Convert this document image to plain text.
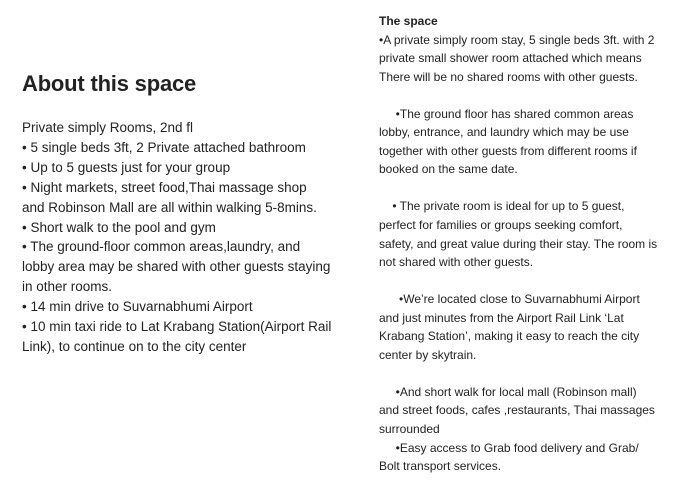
About this space
Private simply Rooms, 2nd fl
• 5 single beds 3ft, 2 Private attached bathroom
• Up to 5 guests just for your group
• Night markets, street food,Thai massage shop
and Robinson Mall are all within walking 5-8mins.
• Short walk to the pool and gym
• The ground-floor common areas,laundry, and
lobby area may be shared with other guests staying
in other rooms.
• 14 min drive to Suvarnabhumi Airport
• 10 min taxi ride to Lat Krabang Station(Airport Rail
Link), to continue on to the city center
The space
•A private simply room stay, 5 single beds 3ft. with 2
private small shower room attached which means
There will be no shared rooms with other guests.
•The ground floor has shared common areas
lobby, entrance, and laundry which may be use
together with other guests from different rooms if
booked on the same date.
• The private room is ideal for up to 5 guest,
perfect for families or groups seeking comfort,
safety, and great value during their stay. The room is
not shared with other guests.
•We’re located close to Suvarnabhumi Airport
and just minutes from the Airport Rail Link ‘Lat
Krabang Station’, making it easy to reach the city
center by skytrain.
•And short walk for local mall (Robinson mall)
and street foods, cafes ,restaurants, Thai massages
surrounded
•Easy access to Grab food delivery and Grab/
Bolt transport services.
